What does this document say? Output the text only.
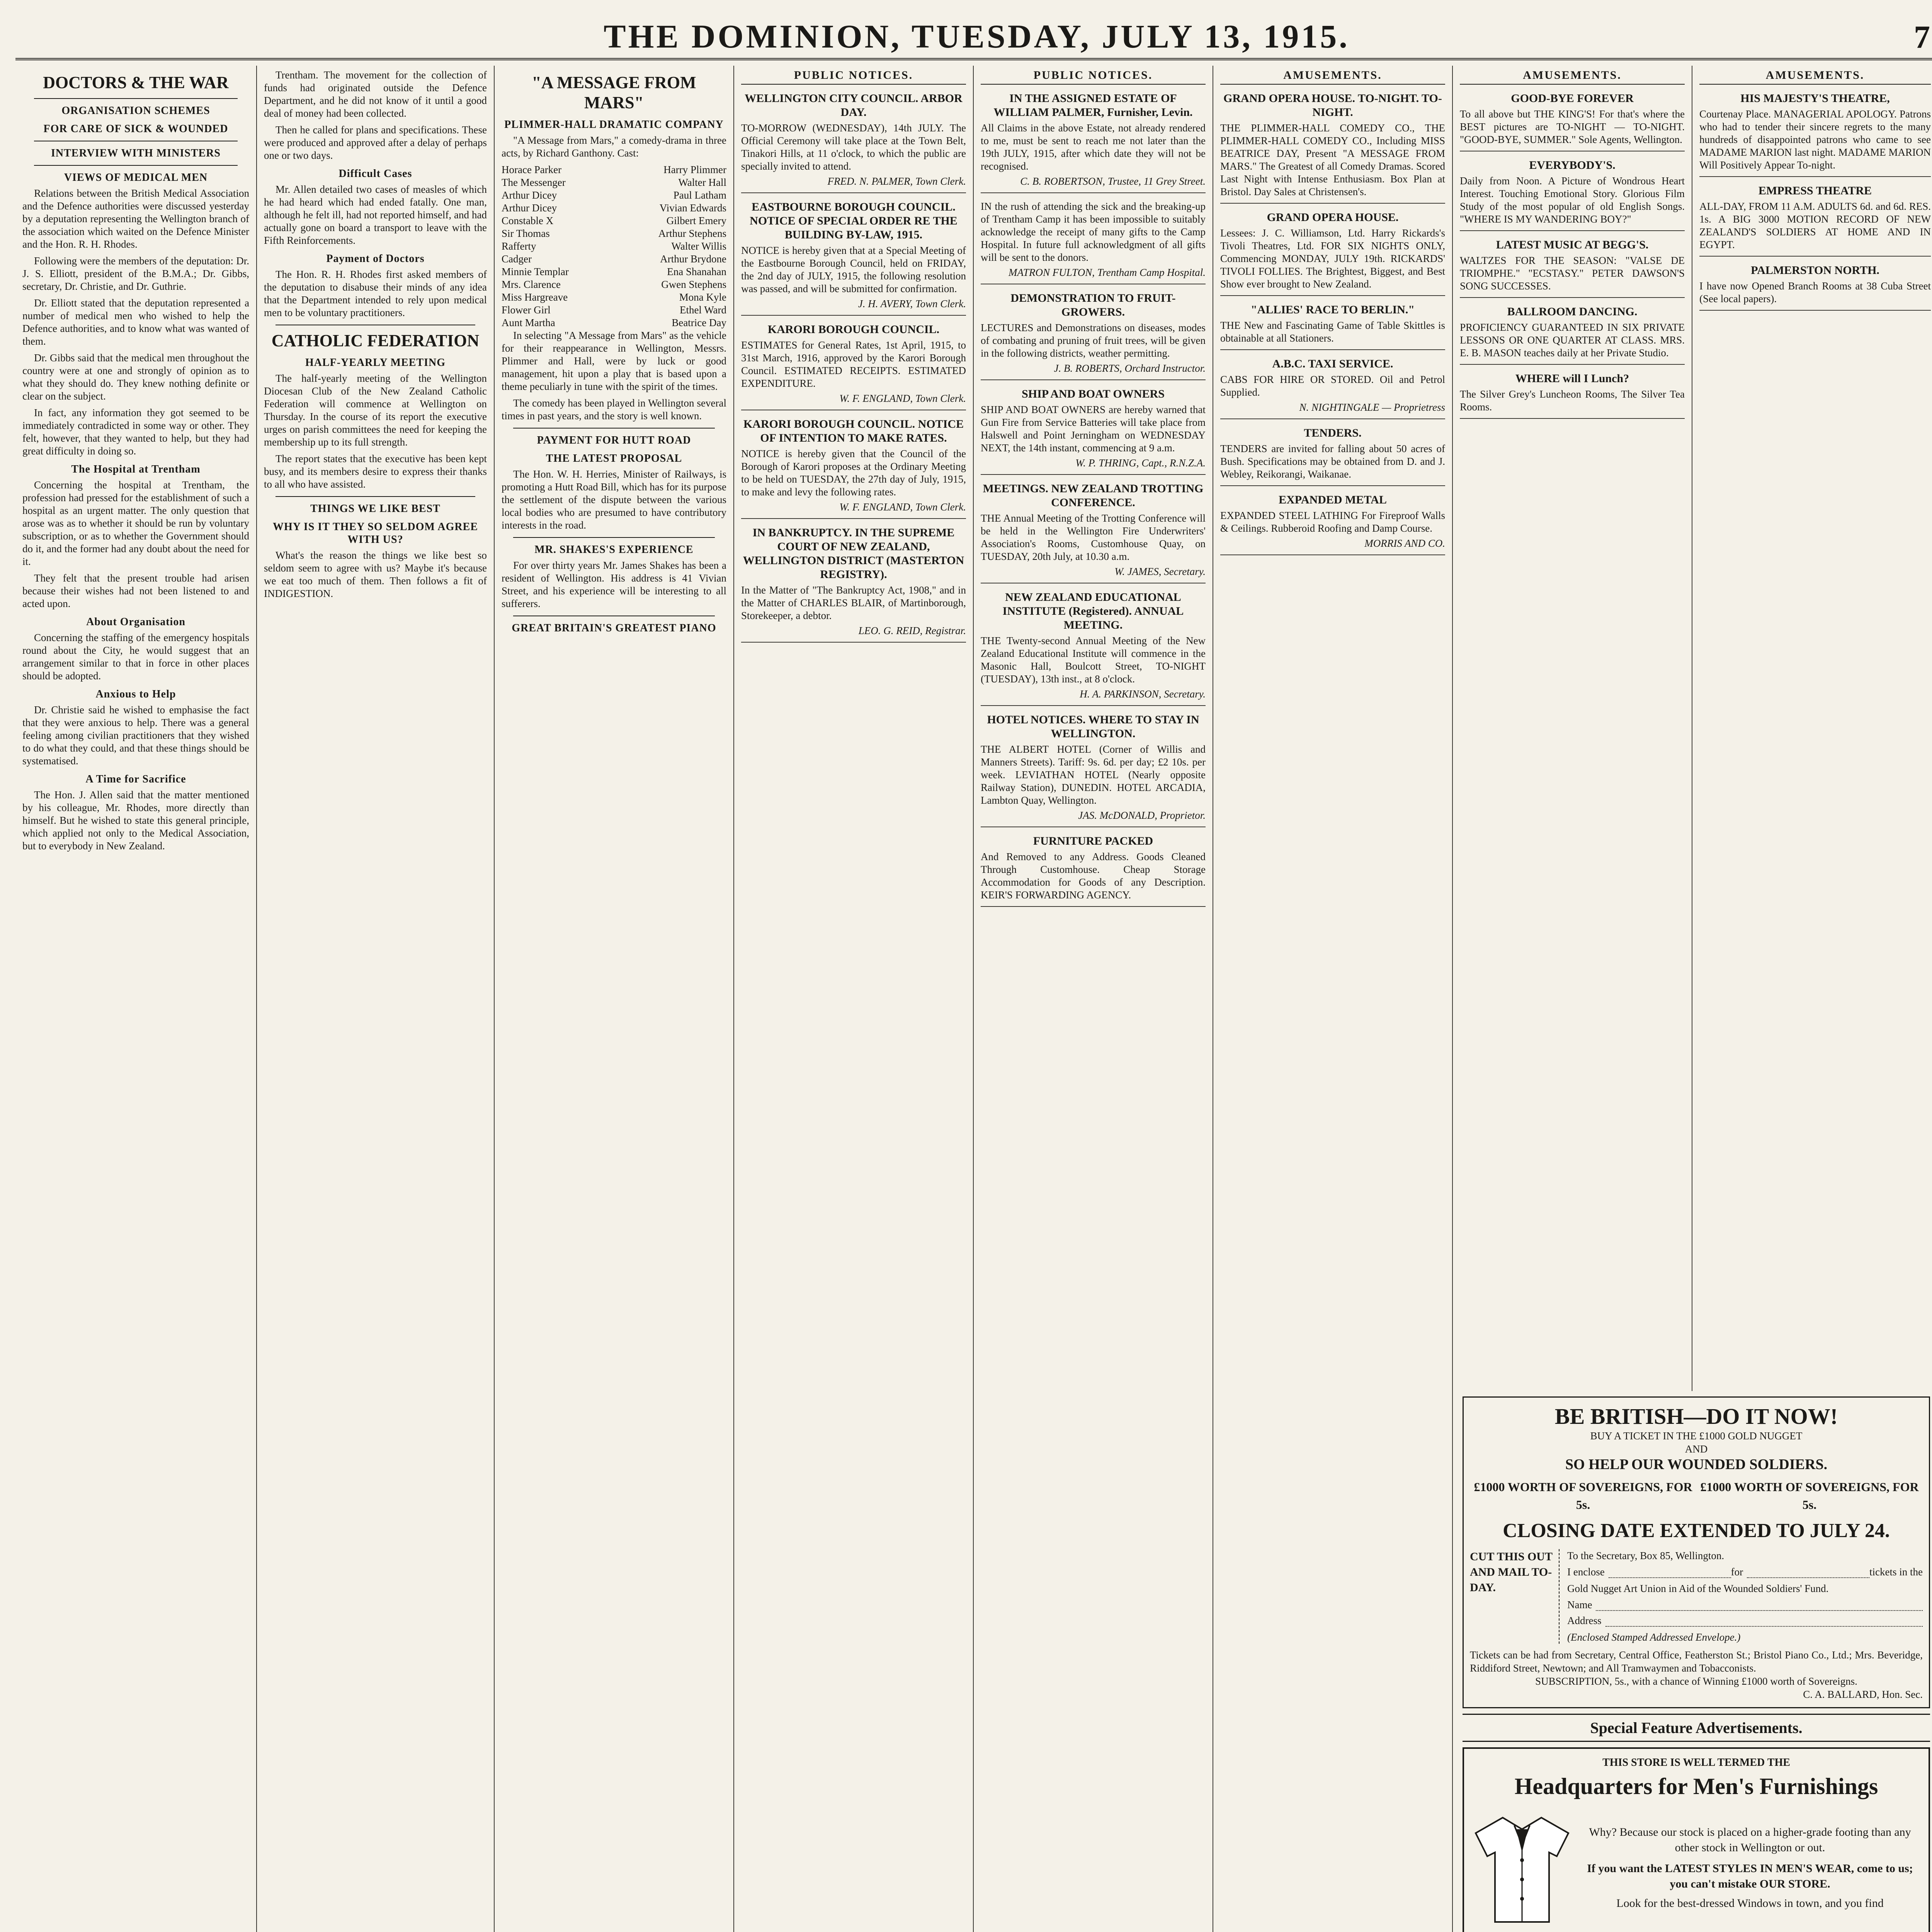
THE DOMINION, TUESDAY, JULY 13, 1915.	7
DOCTORS & THE WAR
ORGANISATION SCHEMES
FOR CARE OF SICK & WOUNDED
INTERVIEW WITH MINISTERS
VIEWS OF MEDICAL MEN

Relations between the British Medical Association and the Defence authorities were discussed yesterday by a deputation representing the Wellington branch of the association which waited on the Defence Minister and the Hon. R. H. Rhodes.

Following were the members of the deputation: Dr. J. S. Elliott, president of the B.M.A.; Dr. Gibbs, secretary, Dr. Christie, and Dr. Guthrie.

Dr. Elliott stated that the deputation represented a number of medical men who wished to help the Defence authorities, and to know what was wanted of them.

Dr. Gibbs said that the medical men throughout the country were at one and strongly of opinion as to what they should do. They knew nothing definite or clear on the subject.

In fact, any information they got seemed to be immediately contradicted in some way or other. They felt, however, that they wanted to help, but they had great difficulty in doing so.

The Hospital at Trentham

Concerning the hospital at Trentham, the profession had pressed for the establishment of such a hospital as an urgent matter. The only question that arose was as to whether it should be run by voluntary subscription, or as to whether the Government should do it, and the former had any doubt about the need for it.

They felt that the present trouble had arisen because their wishes had not been listened to and acted upon.

About Organisation

Concerning the staffing of the emergency hospitals round about the City, he would suggest that an arrangement similar to that in force in other places should be adopted.

Anxious to Help

Dr. Christie said he wished to emphasise the fact that they were anxious to help. There was a general feeling among civilian practitioners that they wished to do what they could, and that these things should be systematised.

A Time for Sacrifice

The Hon. J. Allen said that the matter mentioned by his colleague, Mr. Rhodes, more directly than himself. But he wished to state this general principle, which applied not only to the Medical Association, but to everybody in New Zealand.

Trentham. The movement for the collection of funds had originated outside the Defence Department, and he did not know of it until a good deal of money had been collected.

Then he called for plans and specifications. These were produced and approved after a delay of perhaps one or two days.

Difficult Cases

Mr. Allen detailed two cases of measles of which he had heard which had ended fatally. One man, although he felt ill, had not reported himself, and had actually gone on board a transport to leave with the Fifth Reinforcements.

Payment of Doctors

The Hon. R. H. Rhodes first asked members of the deputation to disabuse their minds of any idea that the Department intended to rely upon medical men to be voluntary practitioners.

CATHOLIC FEDERATION
HALF-YEARLY MEETING

The half-yearly meeting of the Wellington Diocesan Club of the New Zealand Catholic Federation will commence at Wellington on Thursday. In the course of its report the executive urges on parish committees the need for keeping the membership up to its full strength.

The report states that the executive has been kept busy, and its members desire to express their thanks to all who have assisted.

THINGS WE LIKE BEST
WHY IS IT THEY SO SELDOM AGREE WITH US?

What's the reason the things we like best so seldom seem to agree with us? Maybe it's because we eat too much of them. Then follows a fit of INDIGESTION.

"A MESSAGE FROM MARS"
PLIMMER-HALL DRAMATIC COMPANY

"A Message from Mars," a comedy-drama in three acts, by Richard Ganthony. Cast:

Horace Parker	Harry Plimmer
The Messenger	Walter Hall
Arthur Dicey	Paul Latham
Arthur Dicey	Vivian Edwards
Constable X	Gilbert Emery
Sir Thomas	Arthur Stephens
Rafferty	Walter Willis
Cadger	Arthur Brydone
Minnie Templar	Ena Shanahan
Mrs. Clarence	Gwen Stephens
Miss Hargreave	Mona Kyle
Flower Girl	Ethel Ward
Aunt Martha	Beatrice Day

In selecting "A Message from Mars" as the vehicle for their reappearance in Wellington, Messrs. Plimmer and Hall, were by luck or good management, hit upon a play that is based upon a theme peculiarly in tune with the spirit of the times.

The comedy has been played in Wellington several times in past years, and the story is well known.

PAYMENT FOR HUTT ROAD
THE LATEST PROPOSAL

The Hon. W. H. Herries, Minister of Railways, is promoting a Hutt Road Bill, which has for its purpose the settlement of the dispute between the various local bodies who are presumed to have contributory interests in the road.

MR. SHAKES'S EXPERIENCE

For over thirty years Mr. James Shakes has been a resident of Wellington. His address is 41 Vivian Street, and his experience will be interesting to all sufferers.

GREAT BRITAIN'S GREATEST PIANO
PUBLIC NOTICES.
WELLINGTON CITY COUNCIL. ARBOR DAY.

TO-MORROW (WEDNESDAY), 14th JULY. The Official Ceremony will take place at the Town Belt, Tinakori Hills, at 11 o'clock, to which the public are specially invited to attend.

FRED. N. PALMER, Town Clerk.
EASTBOURNE BOROUGH COUNCIL. NOTICE OF SPECIAL ORDER RE THE BUILDING BY-LAW, 1915.

NOTICE is hereby given that at a Special Meeting of the Eastbourne Borough Council, held on FRIDAY, the 2nd day of JULY, 1915, the following resolution was passed, and will be submitted for confirmation.

J. H. AVERY, Town Clerk.
KARORI BOROUGH COUNCIL.

ESTIMATES for General Rates, 1st April, 1915, to 31st March, 1916, approved by the Karori Borough Council. ESTIMATED RECEIPTS. ESTIMATED EXPENDITURE.

W. F. ENGLAND, Town Clerk.
KARORI BOROUGH COUNCIL. NOTICE OF INTENTION TO MAKE RATES.

NOTICE is hereby given that the Council of the Borough of Karori proposes at the Ordinary Meeting to be held on TUESDAY, the 27th day of July, 1915, to make and levy the following rates.

W. F. ENGLAND, Town Clerk.
IN BANKRUPTCY. IN THE SUPREME COURT OF NEW ZEALAND, WELLINGTON DISTRICT (MASTERTON REGISTRY).

In the Matter of "The Bankruptcy Act, 1908," and in the Matter of CHARLES BLAIR, of Martinborough, Storekeeper, a debtor.

LEO. G. REID, Registrar.
PUBLIC NOTICES.
IN THE ASSIGNED ESTATE OF WILLIAM PALMER, Furnisher, Levin.

All Claims in the above Estate, not already rendered to me, must be sent to reach me not later than the 19th JULY, 1915, after which date they will not be recognised.

C. B. ROBERTSON, Trustee, 11 Grey Street.

IN the rush of attending the sick and the breaking-up of Trentham Camp it has been impossible to suitably acknowledge the receipt of many gifts to the Camp Hospital. In future full acknowledgment of all gifts will be sent to the donors.

MATRON FULTON, Trentham Camp Hospital.
DEMONSTRATION TO FRUIT-GROWERS.

LECTURES and Demonstrations on diseases, modes of combating and pruning of fruit trees, will be given in the following districts, weather permitting.

J. B. ROBERTS, Orchard Instructor.
SHIP AND BOAT OWNERS

SHIP AND BOAT OWNERS are hereby warned that Gun Fire from Service Batteries will take place from Halswell and Point Jerningham on WEDNESDAY NEXT, the 14th instant, commencing at 9 a.m.

W. P. THRING, Capt., R.N.Z.A.
MEETINGS. NEW ZEALAND TROTTING CONFERENCE.

THE Annual Meeting of the Trotting Conference will be held in the Wellington Fire Underwriters' Association's Rooms, Customhouse Quay, on TUESDAY, 20th July, at 10.30 a.m.

W. JAMES, Secretary.
NEW ZEALAND EDUCATIONAL INSTITUTE (Registered). ANNUAL MEETING.

THE Twenty-second Annual Meeting of the New Zealand Educational Institute will commence in the Masonic Hall, Boulcott Street, TO-NIGHT (TUESDAY), 13th inst., at 8 o'clock.

H. A. PARKINSON, Secretary.
HOTEL NOTICES. WHERE TO STAY IN WELLINGTON.

THE ALBERT HOTEL (Corner of Willis and Manners Streets). Tariff: 9s. 6d. per day; £2 10s. per week. LEVIATHAN HOTEL (Nearly opposite Railway Station), DUNEDIN. HOTEL ARCADIA, Lambton Quay, Wellington.

JAS. McDONALD, Proprietor.
FURNITURE PACKED

And Removed to any Address. Goods Cleaned Through Customhouse. Cheap Storage Accommodation for Goods of any Description. KEIR'S FORWARDING AGENCY.

AMUSEMENTS.
GRAND OPERA HOUSE. TO-NIGHT. TO-NIGHT.

THE PLIMMER-HALL COMEDY CO., THE PLIMMER-HALL COMEDY CO., Including MISS BEATRICE DAY, Present "A MESSAGE FROM MARS." The Greatest of all Comedy Dramas. Scored Last Night with Intense Enthusiasm. Box Plan at Bristol. Day Sales at Christensen's.

GRAND OPERA HOUSE.

Lessees: J. C. Williamson, Ltd. Harry Rickards's Tivoli Theatres, Ltd. FOR SIX NIGHTS ONLY, Commencing MONDAY, JULY 19th. RICKARDS' TIVOLI FOLLIES. The Brightest, Biggest, and Best Show ever brought to New Zealand.

"ALLIES' RACE TO BERLIN."

THE New and Fascinating Game of Table Skittles is obtainable at all Stationers.

A.B.C. TAXI SERVICE.

CABS FOR HIRE OR STORED. Oil and Petrol Supplied.

N. NIGHTINGALE — Proprietress
TENDERS.

TENDERS are invited for falling about 50 acres of Bush. Specifications may be obtained from D. and J. Webley, Reikorangi, Waikanae.

EXPANDED METAL

EXPANDED STEEL LATHING For Fireproof Walls & Ceilings. Rubberoid Roofing and Damp Course.

MORRIS AND CO.
AMUSEMENTS.
GOOD-BYE FOREVER

To all above but THE KING'S! For that's where the BEST pictures are TO-NIGHT — TO-NIGHT. "GOOD-BYE, SUMMER." Sole Agents, Wellington.

EVERYBODY'S.

Daily from Noon. A Picture of Wondrous Heart Interest. Touching Emotional Story. Glorious Film Study of the most popular of old English Songs. "WHERE IS MY WANDERING BOY?"

LATEST MUSIC AT BEGG'S.

WALTZES FOR THE SEASON: "VALSE DE TRIOMPHE." "ECSTASY." PETER DAWSON'S SONG SUCCESSES.

BALLROOM DANCING.

PROFICIENCY GUARANTEED IN SIX PRIVATE LESSONS OR ONE QUARTER AT CLASS. MRS. E. B. MASON teaches daily at her Private Studio.

WHERE will I Lunch?

The Silver Grey's Luncheon Rooms, The Silver Tea Rooms.

AMUSEMENTS.
HIS MAJESTY'S THEATRE,

Courtenay Place. MANAGERIAL APOLOGY. Patrons who had to tender their sincere regrets to the many hundreds of disappointed patrons who came to see MADAME MARION last night. MADAME MARION Will Positively Appear To-night.

EMPRESS THEATRE

ALL-DAY, FROM 11 A.M. ADULTS 6d. and 6d. RES. 1s. A BIG 3000 MOTION RECORD OF NEW ZEALAND'S SOLDIERS AT HOME AND IN EGYPT.

PALMERSTON NORTH.

I have now Opened Branch Rooms at 38 Cuba Street (See local papers).

BE BRITISH—DO IT NOW!
BUY A TICKET IN THE £1000 GOLD NUGGET
AND
SO HELP OUR WOUNDED SOLDIERS.
£1000 WORTH OF SOVEREIGNS, FOR 5s.
£1000 WORTH OF SOVEREIGNS, FOR 5s.
CLOSING DATE EXTENDED TO JULY 24.
CUT THIS OUT AND MAIL TO-DAY.
To the Secretary, Box 85, Wellington.
I enclose	for	tickets in the
Gold Nugget Art Union in Aid of the Wounded Soldiers' Fund.
Name
Address
(Enclosed Stamped Addressed Envelope.)
Tickets can be had from Secretary, Central Office, Featherston St.; Bristol Piano Co., Ltd.; Mrs. Beveridge, Riddiford Street, Newtown; and All Tramwaymen and Tobacconists.
SUBSCRIPTION, 5s., with a chance of Winning £1000 worth of Sovereigns.
C. A. BALLARD, Hon. Sec.
Special Feature Advertisements.
THIS STORE IS WELL TERMED THE
Headquarters for Men's Furnishings
Why? Because our stock is placed on a higher-grade footing than any other stock in Wellington or out.
If you want the LATEST STYLES IN MEN'S WEAR, come to us; you can't mistake OUR STORE.
Look for the best-dressed Windows in town, and you find
